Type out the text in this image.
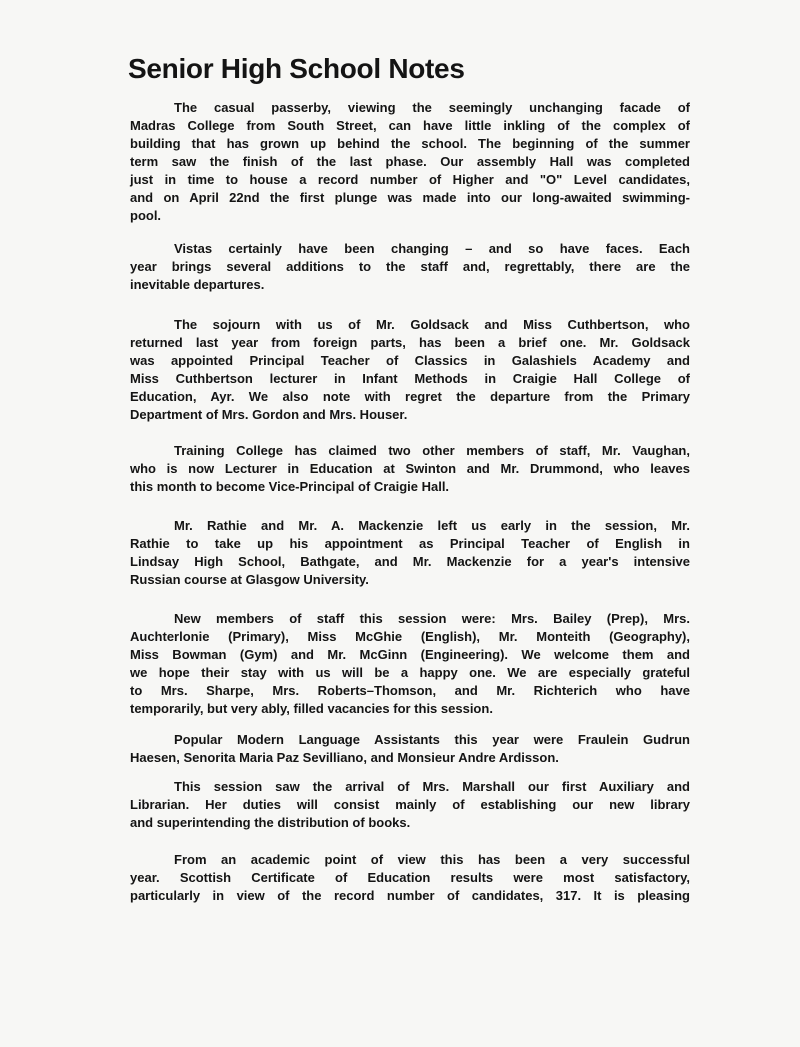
Senior High School Notes

The casual passerby, viewing the seemingly unchanging facade of
Madras College from South Street, can have little inkling of the complex of
building that has grown up behind the school. The beginning of the summer
term saw the finish of the last phase. Our assembly Hall was completed
just in time to house a record number of Higher and "O" Level candidates,
and on April 22nd the first plunge was made into our long-awaited swimming-
pool.

Vistas certainly have been changing – and so have faces. Each
year brings several additions to the staff and, regrettably, there are the
inevitable departures.

The sojourn with us of Mr. Goldsack and Miss Cuthbertson, who
returned last year from foreign parts, has been a brief one. Mr. Goldsack
was appointed Principal Teacher of Classics in Galashiels Academy and
Miss Cuthbertson lecturer in Infant Methods in Craigie Hall College of
Education, Ayr. We also note with regret the departure from the Primary
Department of Mrs. Gordon and Mrs. Houser.

Training College has claimed two other members of staff, Mr. Vaughan,
who is now Lecturer in Education at Swinton and Mr. Drummond, who leaves
this month to become Vice-Principal of Craigie Hall.

Mr. Rathie and Mr. A. Mackenzie left us early in the session, Mr.
Rathie to take up his appointment as Principal Teacher of English in
Lindsay High School, Bathgate, and Mr. Mackenzie for a year's intensive
Russian course at Glasgow University.

New members of staff this session were: Mrs. Bailey (Prep), Mrs.
Auchterlonie (Primary), Miss McGhie (English), Mr. Monteith (Geography),
Miss Bowman (Gym) and Mr. McGinn (Engineering). We welcome them and
we hope their stay with us will be a happy one. We are especially grateful
to Mrs. Sharpe, Mrs. Roberts–Thomson, and Mr. Richterich who have
temporarily, but very ably, filled vacancies for this session.

Popular Modern Language Assistants this year were Fraulein Gudrun
Haesen, Senorita Maria Paz Sevilliano, and Monsieur Andre Ardisson.

This session saw the arrival of Mrs. Marshall our first Auxiliary and
Librarian. Her duties will consist mainly of establishing our new library
and superintending the distribution of books.

From an academic point of view this has been a very successful
year. Scottish Certificate of Education results were most satisfactory,
particularly in view of the record number of candidates, 317. It is pleasing
